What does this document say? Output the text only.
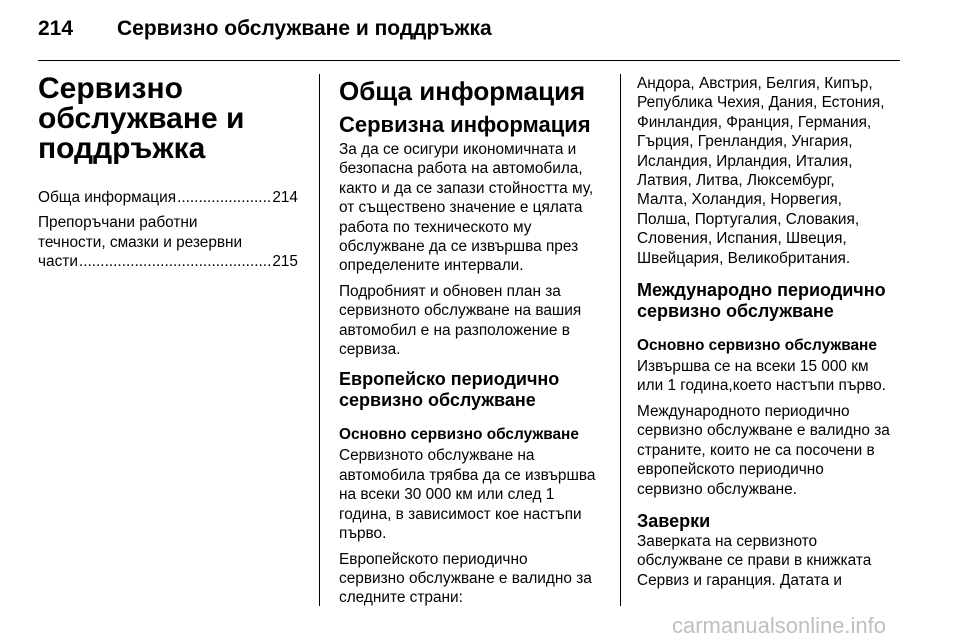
214 Сервизно обслужване и поддръжка
Сервизно
обслужване и
поддръжка
Обща информация .....	214
Препоръчани работни
течности, смазки и резервни
части .....	215
Обща информация
Сервизна информация

За да се осигури икономичната и
безопасна работа на автомобила,
както и да се запази стойността му,
от съществено значение е цялата
работа по техническото му
обслужване да се извършва през
определените интервали.

Подробният и обновен план за
сервизното обслужване на вашия
автомобил е на разположение в
сервиза.

Европейско периодично
сервизно обслужване
Основно сервизно обслужване

Сервизното обслужване на
автомобила трябва да се извършва
на всеки 30 000 км или след 1
година, в зависимост кое настъпи
първо.

Европейското периодично
сервизно обслужване е валидно за
следните страни:

Андора, Австрия, Белгия, Кипър,
Република Чехия, Дания, Естония,
Финландия, Франция, Германия,
Гърция, Гренландия, Унгария,
Исландия, Ирландия, Италия,
Латвия, Литва, Люксембург,
Малта, Холандия, Норвегия,
Полша, Португалия, Словакия,
Словения, Испания, Швеция,
Швейцария, Великобритания.

Международно периодично
сервизно обслужване
Основно сервизно обслужване

Извършва се на всеки 15 000 км
или 1 година,което настъпи първо.

Международното периодично
сервизно обслужване е валидно за
страните, които не са посочени в
европейското периодично
сервизно обслужване.

Заверки

Заверката на сервизното
обслужване се прави в книжката
Сервиз и гаранция. Датата и

carmanualsonline.info
